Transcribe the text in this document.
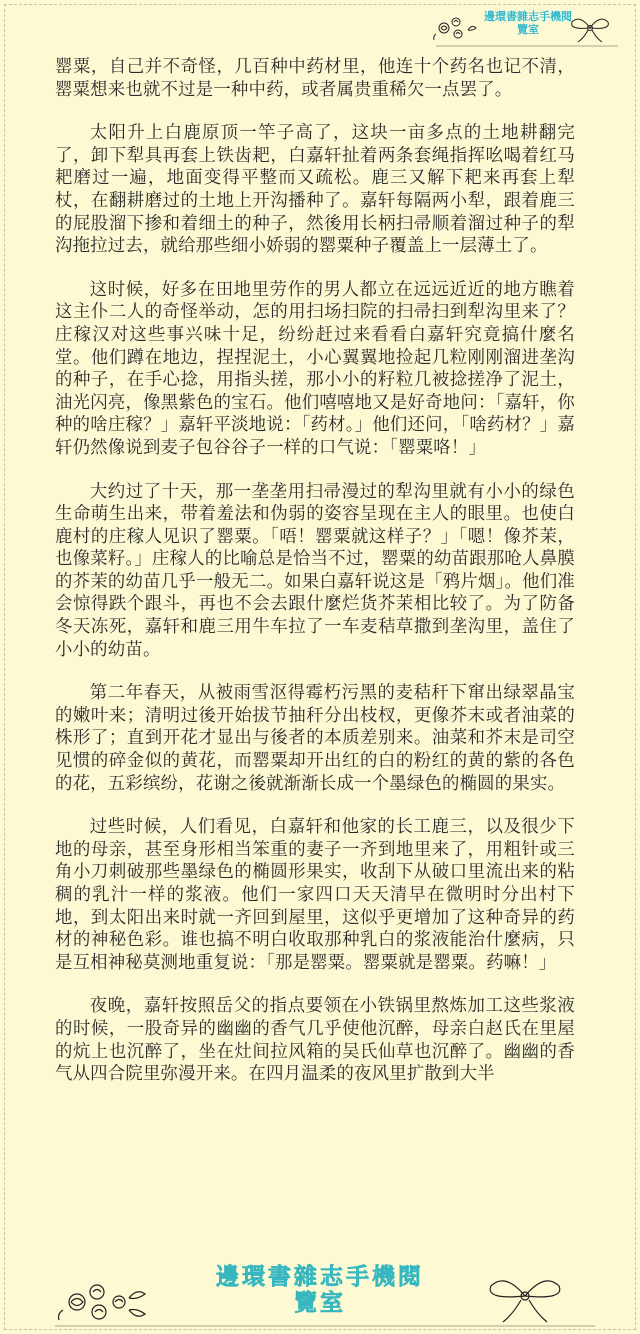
邊環書雜志手機閱
覽室

罂粟，自己并不奇怪，几百种中药材里，他连十个药名也记不清，罂粟想来也就不过是一种中药，或者属贵重稀欠一点罢了。

太阳升上白鹿原顶一竿子高了，这块一亩多点的土地耕翻完了，卸下犁具再套上铁齿耙，白嘉轩扯着两条套绳指挥吆喝着红马耙磨过一遍，地面变得平整而又疏松。鹿三又解下耙来再套上犁杖，在翻耕磨过的土地上开沟播种了。嘉轩每隔两小犁，跟着鹿三的屁股溜下掺和着细土的种子，然後用长柄扫帚顺着溜过种子的犁沟拖拉过去，就给那些细小娇弱的罂粟种子覆盖上一层薄土了。

这时候，好多在田地里劳作的男人都立在远远近近的地方瞧着这主仆二人的奇怪举动，怎的用扫场扫院的扫帚扫到犁沟里来了？庄稼汉对这些事兴味十足，纷纷赶过来看看白嘉轩究竟搞什麼名堂。他们蹲在地边，捏捏泥土，小心翼翼地捡起几粒刚刚溜进垄沟的种子，在手心捻，用指头搓，那小小的籽粒几被捻搓净了泥土，油光闪亮，像黑紫色的宝石。他们嘻嘻地又是好奇地问：「嘉轩，你种的啥庄稼？」嘉轩平淡地说：「药材。」他们还问，「啥药材？」嘉轩仍然像说到麦子包谷谷子一样的口气说：「罂粟咯！」

大约过了十天，那一垄垄用扫帚漫过的犁沟里就有小小的绿色生命萌生出来，带着羞法和伪弱的姿容呈现在主人的眼里。也使白鹿村的庄稼人见识了罂粟。「唔！罂粟就这样子？」「嗯！像芥茉，也像菜籽。」庄稼人的比喻总是恰当不过，罂粟的幼苗跟那呛人鼻膜的芥茉的幼苗几乎一般无二。如果白嘉轩说这是「鸦片烟」。他们准会惊得跌个跟斗，再也不会去跟什麼烂货芥茉相比较了。为了防备冬天冻死，嘉轩和鹿三用牛车拉了一车麦秸草撒到垄沟里，盖住了小小的幼苗。

第二年春天，从被雨雪沤得霉朽污黑的麦秸秆下窜出绿翠晶宝的嫩叶来；清明过後开始拔节抽秆分出枝杈，更像芥末或者油菜的株形了；直到开花才显出与後者的本质差别来。油菜和芥末是司空见惯的碎金似的黄花，而罂粟却开出红的白的粉红的黄的紫的各色的花，五彩缤纷，花谢之後就渐渐长成一个墨绿色的椭圆的果实。

过些时候，人们看见，白嘉轩和他家的长工鹿三，以及很少下地的母亲，甚至身形相当笨重的妻子一齐到地里来了，用粗针或三角小刀刺破那些墨绿色的椭圆形果实，收刮下从破口里流出来的粘稠的乳汁一样的浆液。他们一家四口天天清早在微明时分出村下地，到太阳出来时就一齐回到屋里，这似乎更增加了这种奇异的药材的神秘色彩。谁也搞不明白收取那种乳白的浆液能治什麼病，只是互相神秘莫测地重复说：「那是罂粟。罂粟就是罂粟。药嘛！」

夜晚，嘉轩按照岳父的指点要领在小铁锅里熬炼加工这些浆液的时候，一股奇异的幽幽的香气几乎使他沉醉，母亲白赵氏在里屋的炕上也沉醉了，坐在灶间拉风箱的吴氏仙草也沉醉了。幽幽的香气从四合院里弥漫开来。在四月温柔的夜风里扩散到大半

邊環書雜志手機閱
覽室
